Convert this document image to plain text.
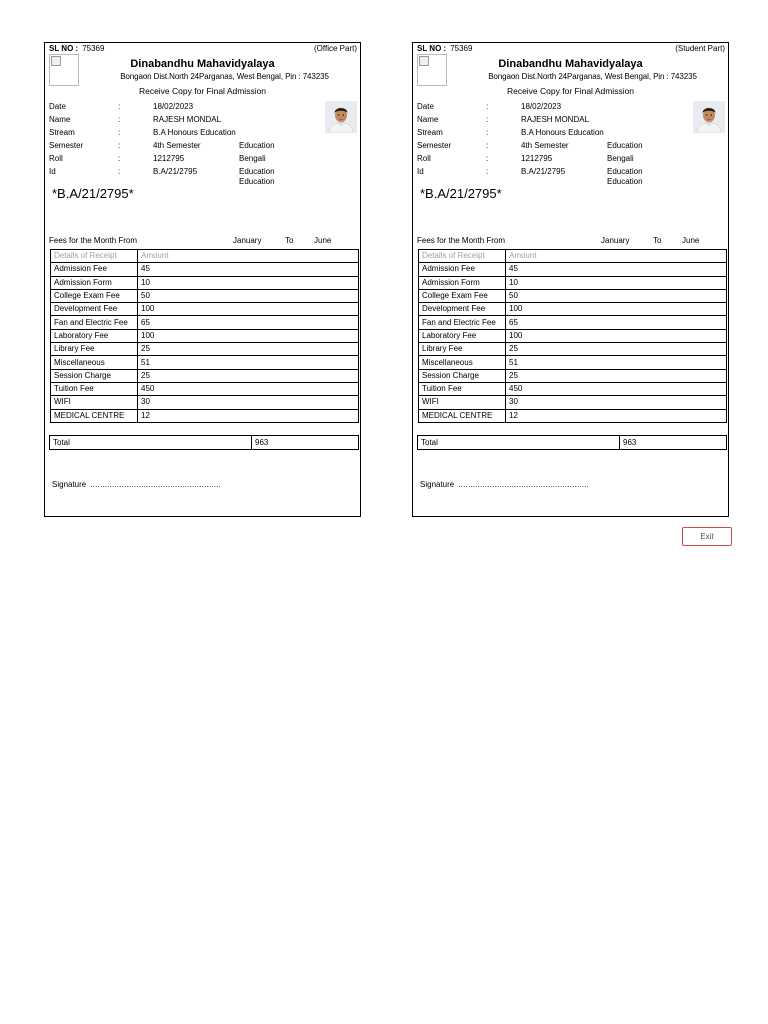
SL NO : 75369	(Office Part)
Dinabandhu Mahavidyalaya
Bongaon Dist.North 24Parganas, West Bengal, Pin : 743235
Receive Copy for Final Admission
Date	:	18/02/2023
Name	:	RAJESH MONDAL
Stream	:	B.A Honours Education
Semester	:	4th Semester	Education
Roll	:	1212795	Bengali
Id	:	B.A/21/2795	Education
Education
*B.A/21/2795*
Fees for the Month From	January	To	June
Details of Receipt	Amount
Admission Fee	45
Admission Form	10
College Exam Fee	50
Development Fee	100
Fan and Electric Fee	65
Laboratory Fee	100
Library Fee	25
Miscellaneous	51
Session Charge	25
Tuition Fee	450
WIFI	30
MEDICAL CENTRE	12
Total	963
Signature ......................................................
SL NO : 75369	(Student Part)
Dinabandhu Mahavidyalaya
Bongaon Dist.North 24Parganas, West Bengal, Pin : 743235
Receive Copy for Final Admission
Date	:	18/02/2023
Name	:	RAJESH MONDAL
Stream	:	B.A Honours Education
Semester	:	4th Semester	Education
Roll	:	1212795	Bengali
Id	:	B.A/21/2795	Education
Education
*B.A/21/2795*
Fees for the Month From	January	To	June
Details of Receipt	Amount
Admission Fee	45
Admission Form	10
College Exam Fee	50
Development Fee	100
Fan and Electric Fee	65
Laboratory Fee	100
Library Fee	25
Miscellaneous	51
Session Charge	25
Tuition Fee	450
WIFI	30
MEDICAL CENTRE	12
Total	963
Signature ......................................................
Exit
